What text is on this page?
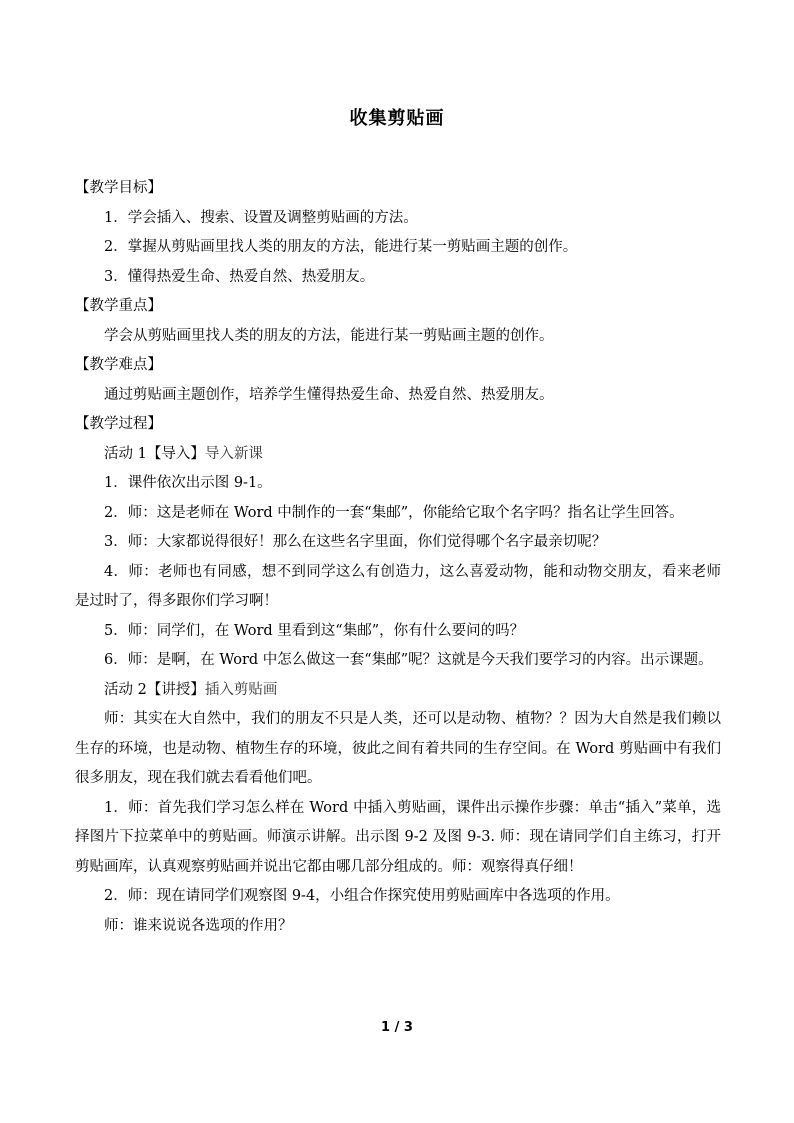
收集剪贴画
【教学目标】
1．学会插入、搜索、设置及调整剪贴画的方法。
2．掌握从剪贴画里找人类的朋友的方法，能进行某一剪贴画主题的创作。
3．懂得热爱生命、热爱自然、热爱朋友。
【教学重点】
学会从剪贴画里找人类的朋友的方法，能进行某一剪贴画主题的创作。
【教学难点】
通过剪贴画主题创作，培养学生懂得热爱生命、热爱自然、热爱朋友。
【教学过程】
活动 1【导入】导入新课
1．课件依次出示图 9-1。
2．师：这是老师在 Word 中制作的一套“集邮”，你能给它取个名字吗？指名让学生回答。
3．师：大家都说得很好！那么在这些名字里面，你们觉得哪个名字最亲切呢？
4．师：老师也有同感，想不到同学这么有创造力，这么喜爱动物，能和动物交朋友，看来老师是过时了，得多跟你们学习啊！
5．师：同学们，在 Word 里看到这“集邮”，你有什么要问的吗？
6．师：是啊，在 Word 中怎么做这一套“集邮”呢？这就是今天我们要学习的内容。出示课题。
活动 2【讲授】插入剪贴画
师：其实在大自然中，我们的朋友不只是人类，还可以是动物、植物？？因为大自然是我们赖以生存的环境，也是动物、植物生存的环境，彼此之间有着共同的生存空间。在 Word 剪贴画中有我们很多朋友，现在我们就去看看他们吧。
1．师：首先我们学习怎么样在 Word 中插入剪贴画，课件出示操作步骤：单击“插入”菜单，选择图片下拉菜单中的剪贴画。师演示讲解。出示图 9-2 及图 9-3. 师：现在请同学们自主练习，打开剪贴画库，认真观察剪贴画并说出它都由哪几部分组成的。师：观察得真仔细！
2．师：现在请同学们观察图 9-4，小组合作探究使用剪贴画库中各选项的作用。
师：谁来说说各选项的作用？
1 / 3
